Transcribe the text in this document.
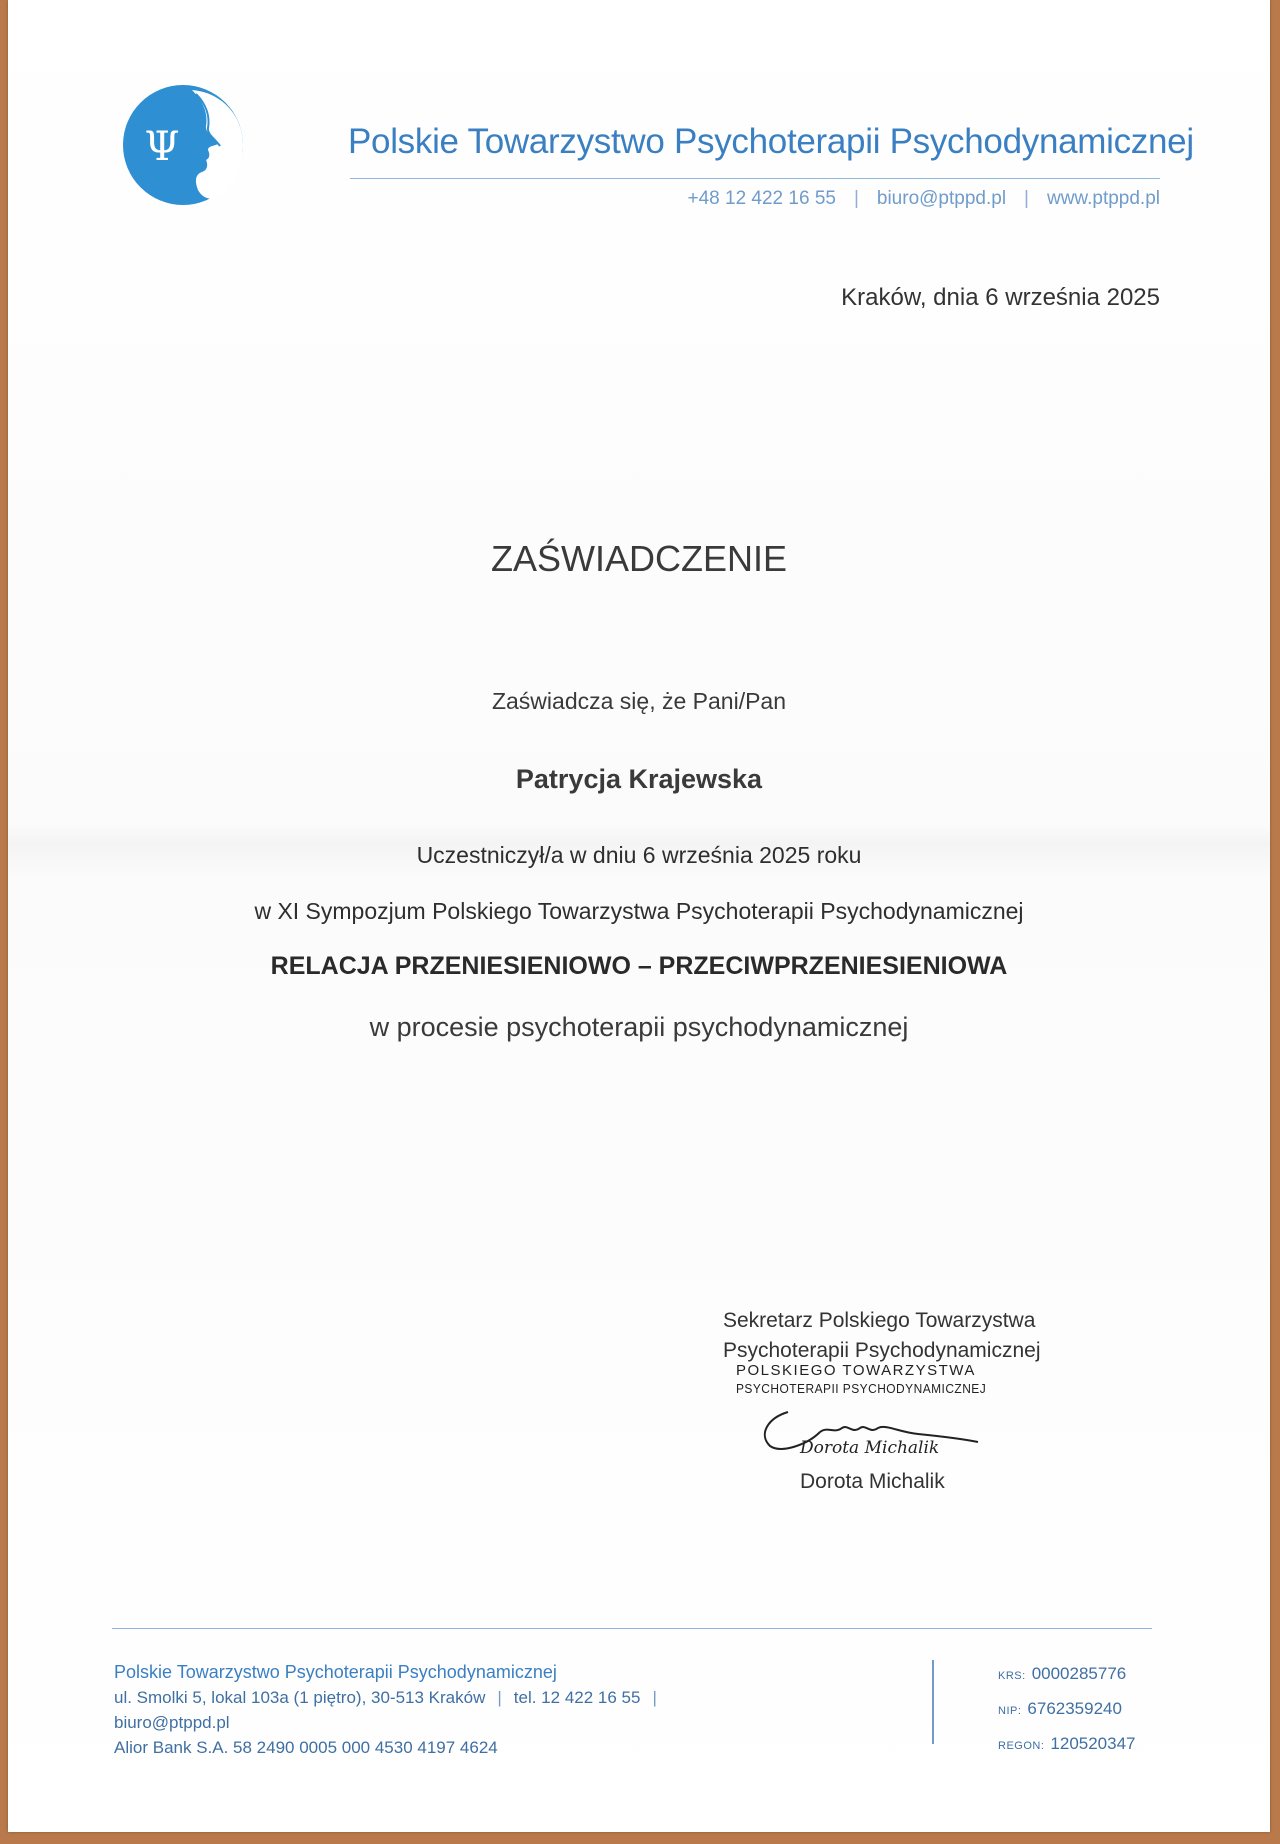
Ψ	Polskie Towarzystwo Psychoterapii Psychodynamicznej
+48 12 422 16 55 | biuro@ptppd.pl | www.ptppd.pl
Kraków, dnia 6 września 2025
ZAŚWIADCZENIE
Zaświadcza się, że Pani/Pan
Patrycja Krajewska
Uczestniczył/a w dniu 6 września 2025 roku
w XI Sympozjum Polskiego Towarzystwa Psychoterapii Psychodynamicznej
RELACJA PRZENIESIENIOWO – PRZECIWPRZENIESIENIOWA
w procesie psychoterapii psychodynamicznej
Sekretarz Polskiego Towarzystwa
Psychoterapii Psychodynamicznej
POLSKIEGO TOWARZYSTWA
PSYCHOTERAPII PSYCHODYNAMICZNEJ
Dorota Michalik
Dorota Michalik
Polskie Towarzystwo Psychoterapii Psychodynamicznej
ul. Smolki 5, lokal 103a (1 piętro), 30-513 Kraków | tel. 12 422 16 55 |
biuro@ptppd.pl
Alior Bank S.A. 58 2490 0005 000 4530 4197 4624
KRS: 0000285776
NIP: 6762359240
REGON: 120520347
